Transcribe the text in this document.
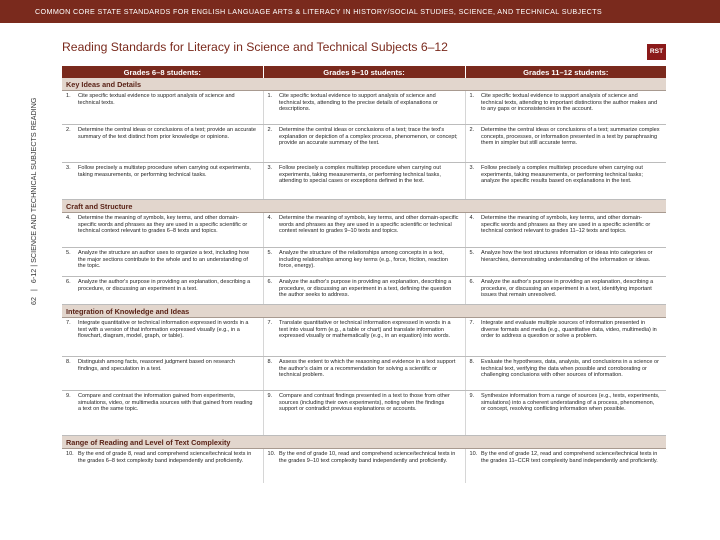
COMMON CORE STATE STANDARDS FOR ENGLISH LANGUAGE ARTS & LITERACY IN HISTORY/SOCIAL STUDIES, SCIENCE, AND TECHNICAL SUBJECTS
Reading Standards for Literacy in Science and Technical Subjects 6–12	RST
62|6-12 | SCIENCE AND TECHNICAL SUBJECTS READING
Grades 6–8 students:		Grades 9–10 students:		Grades 11–12 students:	
Key Ideas and Details					
1.	Cite specific textual evidence to support analysis of science and technical texts.	1.	Cite specific textual evidence to support analysis of science and technical texts, attending to the precise details of explanations or descriptions.	1.	Cite specific textual evidence to support analysis of science and technical texts, attending to important distinctions the author makes and to any gaps or inconsistencies in the account.
2.	Determine the central ideas or conclusions of a text; provide an accurate summary of the text distinct from prior knowledge or opinions.	2.	Determine the central ideas or conclusions of a text; trace the text's explanation or depiction of a complex process, phenomenon, or concept; provide an accurate summary of the text.	2.	Determine the central ideas or conclusions of a text; summarize complex concepts, processes, or information presented in a text by paraphrasing them in simpler but still accurate terms.
3.	Follow precisely a multistep procedure when carrying out experiments, taking measurements, or performing technical tasks.	3.	Follow precisely a complex multistep procedure when carrying out experiments, taking measurements, or performing technical tasks, attending to special cases or exceptions defined in the text.	3.	Follow precisely a complex multistep procedure when carrying out experiments, taking measurements, or performing technical tasks; analyze the specific results based on explanations in the text.
Craft and Structure					
4.	Determine the meaning of symbols, key terms, and other domain-specific words and phrases as they are used in a specific scientific or technical context relevant to grades 6–8 texts and topics.	4.	Determine the meaning of symbols, key terms, and other domain-specific words and phrases as they are used in a specific scientific or technical context relevant to grades 9–10 texts and topics.	4.	Determine the meaning of symbols, key terms, and other domain-specific words and phrases as they are used in a specific scientific or technical context relevant to grades 11–12 texts and topics.
5.	Analyze the structure an author uses to organize a text, including how the major sections contribute to the whole and to an understanding of the topic.	5.	Analyze the structure of the relationships among concepts in a text, including relationships among key terms (e.g., force, friction, reaction force, energy).	5.	Analyze how the text structures information or ideas into categories or hierarchies, demonstrating understanding of the information or ideas.
6.	Analyze the author's purpose in providing an explanation, describing a procedure, or discussing an experiment in a text.	6.	Analyze the author's purpose in providing an explanation, describing a procedure, or discussing an experiment in a text, defining the question the author seeks to address.	6.	Analyze the author's purpose in providing an explanation, describing a procedure, or discussing an experiment in a text, identifying important issues that remain unresolved.
Integration of Knowledge and Ideas					
7.	Integrate quantitative or technical information expressed in words in a text with a version of that information expressed visually (e.g., in a flowchart, diagram, model, graph, or table).	7.	Translate quantitative or technical information expressed in words in a text into visual form (e.g., a table or chart) and translate information expressed visually or mathematically (e.g., in an equation) into words.	7.	Integrate and evaluate multiple sources of information presented in diverse formats and media (e.g., quantitative data, video, multimedia) in order to address a question or solve a problem.
8.	Distinguish among facts, reasoned judgment based on research findings, and speculation in a text.	8.	Assess the extent to which the reasoning and evidence in a text support the author's claim or a recommendation for solving a scientific or technical problem.	8.	Evaluate the hypotheses, data, analysis, and conclusions in a science or technical text, verifying the data when possible and corroborating or challenging conclusions with other sources of information.
9.	Compare and contrast the information gained from experiments, simulations, video, or multimedia sources with that gained from reading a text on the same topic.	9.	Compare and contrast findings presented in a text to those from other sources (including their own experiments), noting when the findings support or contradict previous explanations or accounts.	9.	Synthesize information from a range of sources (e.g., texts, experiments, simulations) into a coherent understanding of a process, phenomenon, or concept, resolving conflicting information when possible.
Range of Reading and Level of Text Complexity					
10.	By the end of grade 8, read and comprehend science/technical texts in the grades 6–8 text complexity band independently and proficiently.	10.	By the end of grade 10, read and comprehend science/technical texts in the grades 9–10 text complexity band independently and proficiently.	10.	By the end of grade 12, read and comprehend science/technical texts in the grades 11–CCR text complexity band independently and proficiently.
